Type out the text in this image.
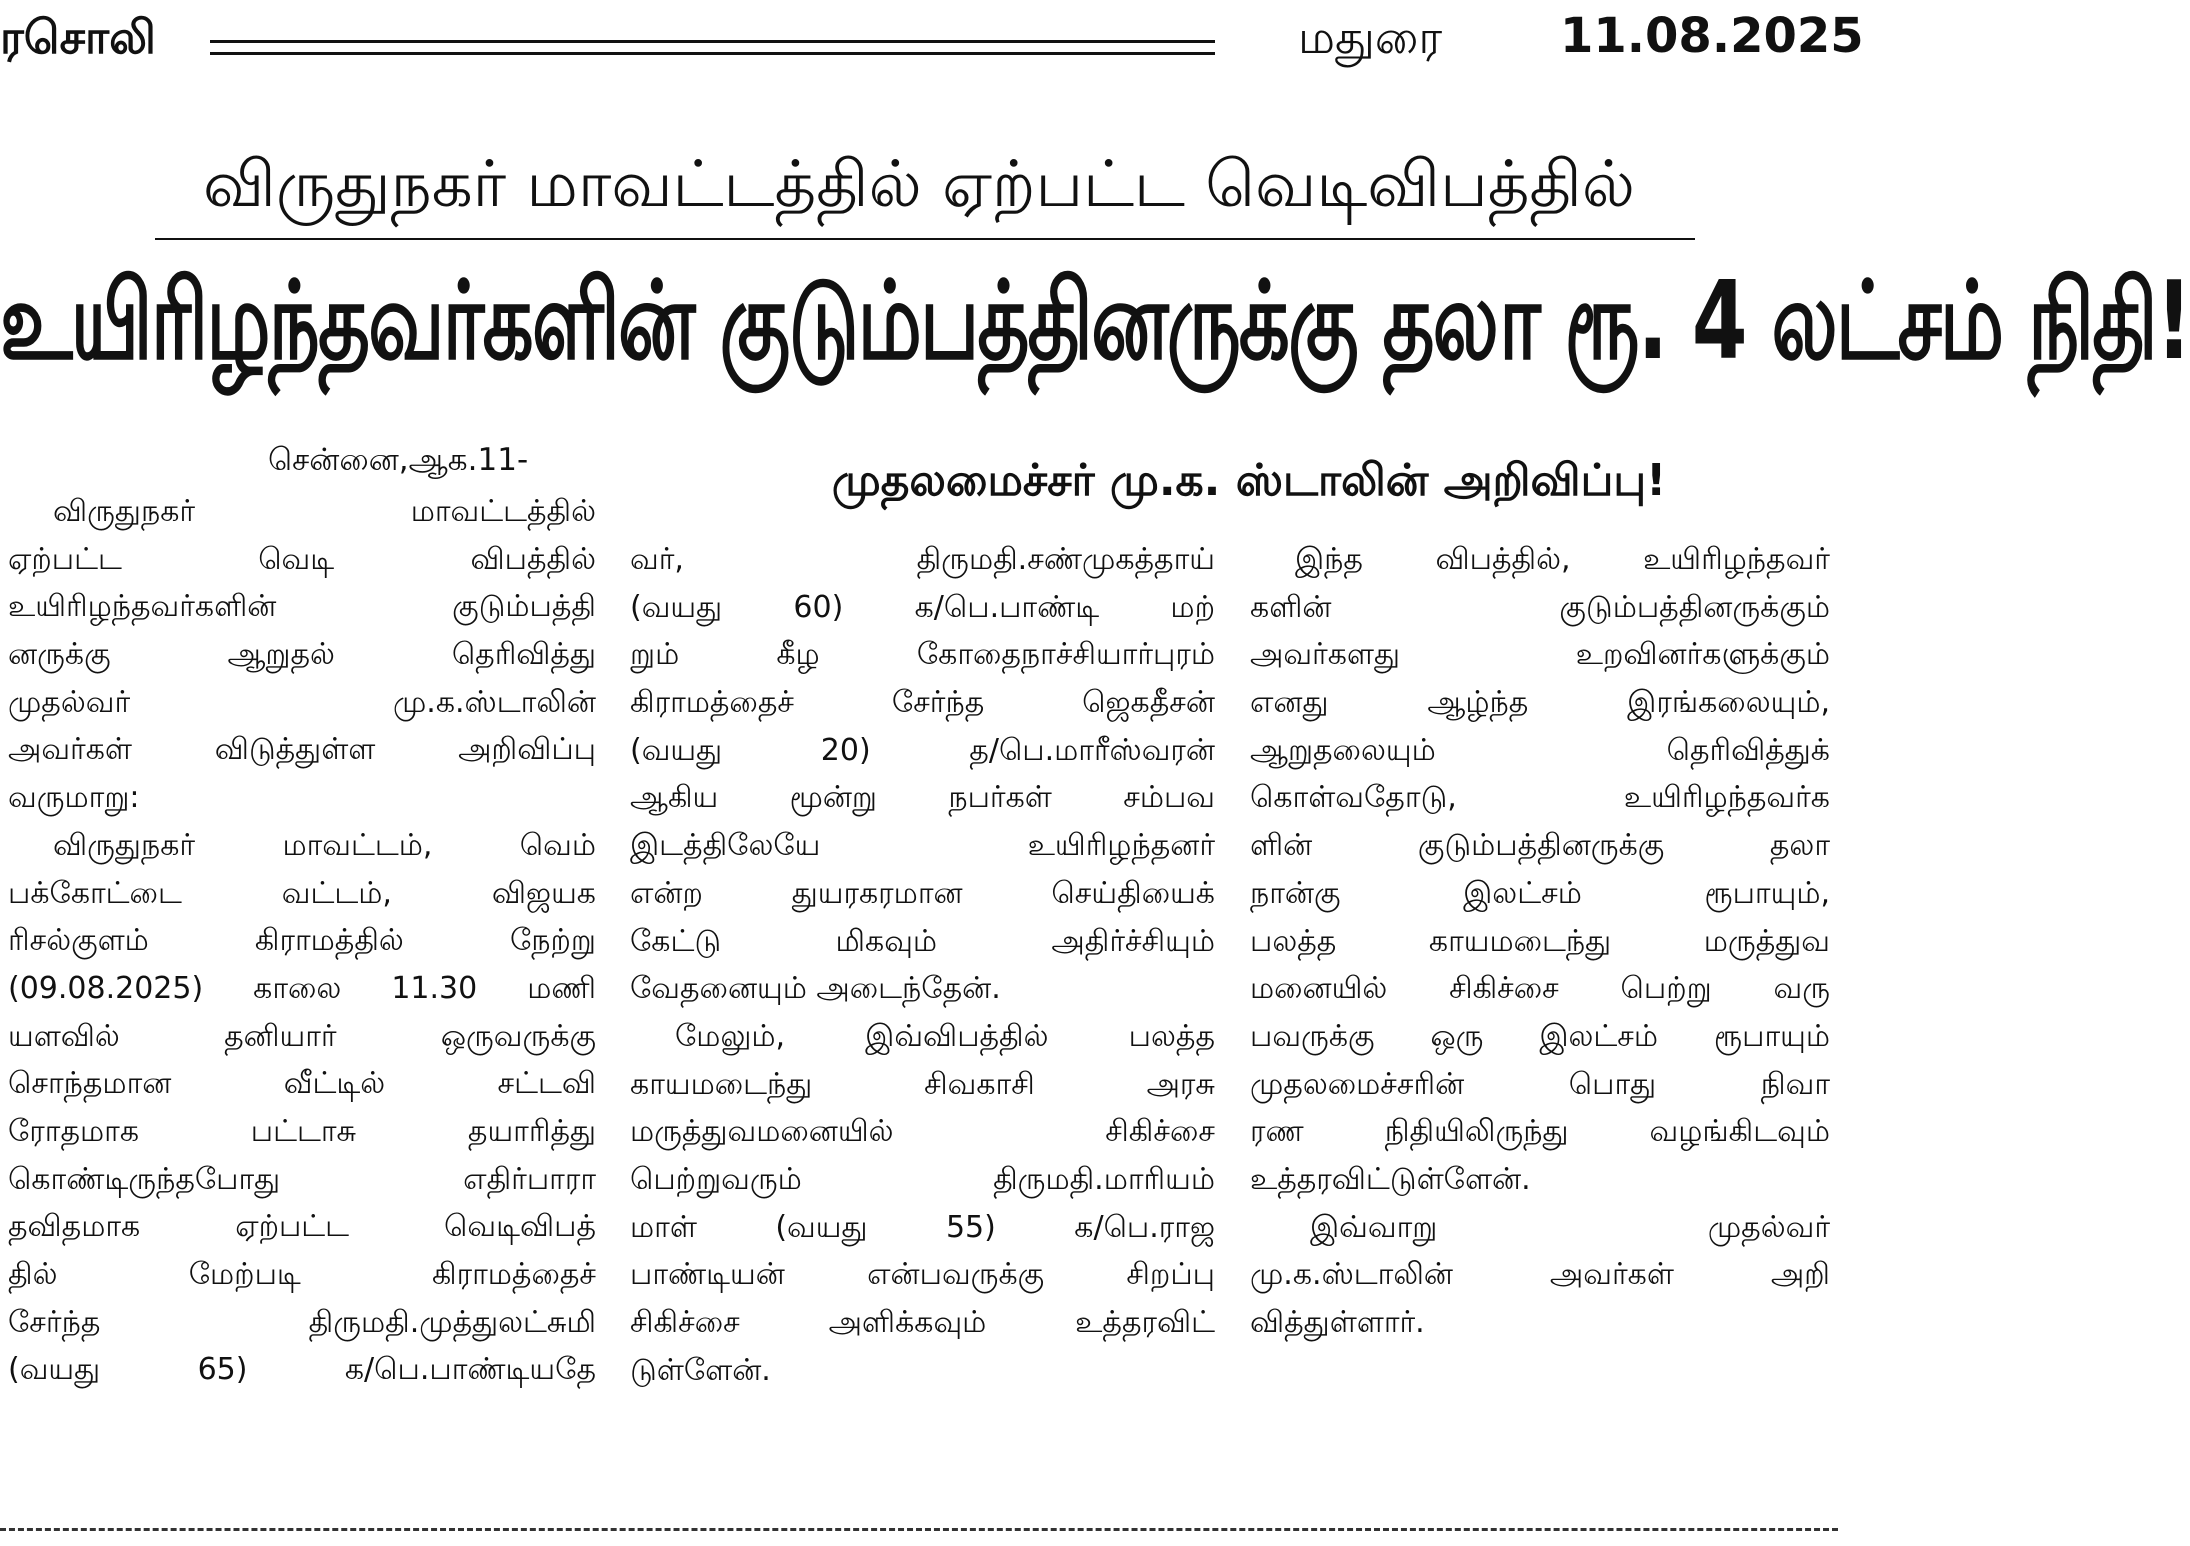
ரசொலி	மதுரை 11.08.2025
விருதுநகர் மாவட்டத்தில் ஏற்பட்ட வெடிவிபத்தில்
உயிரிழந்தவர்களின் குடும்பத்தினருக்கு தலா ரூ. 4 லட்சம் நிதி!
சென்னை,ஆக.11-	முதலமைச்சர் மு.க. ஸ்டாலின் அறிவிப்பு!
விருதுநகர் மாவட்டத்தில்
ஏற்பட்ட வெடி விபத்தில்
உயிரிழந்தவர்களின் குடும்பத்தி
னருக்கு ஆறுதல் தெரிவித்து
முதல்வர் மு.க.ஸ்டாலின்
அவர்கள் விடுத்துள்ள அறிவிப்பு
வருமாறு:
விருதுநகர் மாவட்டம், வெம்
பக்கோட்டை வட்டம், விஜயக
ரிசல்குளம் கிராமத்தில் நேற்று
(09.08.2025) காலை 11.30 மணி
யளவில் தனியார் ஒருவருக்கு
சொந்தமான வீட்டில் சட்டவி
ரோதமாக பட்டாசு தயாரித்து
கொண்டிருந்தபோது எதிர்பாரா
தவிதமாக ஏற்பட்ட வெடிவிபத்
தில் மேற்படி கிராமத்தைச்
சேர்ந்த திருமதி.முத்துலட்சுமி
(வயது 65) க/பெ.பாண்டியதே
வர், திருமதி.சண்முகத்தாய்
(வயது 60) க/பெ.பாண்டி மற்
றும் கீழ கோதைநாச்சியார்புரம்
கிராமத்தைச் சேர்ந்த ஜெகதீசன்
(வயது 20) த/பெ.மாரீஸ்வரன்
ஆகிய மூன்று நபர்கள் சம்பவ
இடத்திலேயே உயிரிழந்தனர்
என்ற துயரகரமான செய்தியைக்
கேட்டு மிகவும் அதிர்ச்சியும்
வேதனையும் அடைந்தேன்.
மேலும், இவ்விபத்தில் பலத்த
காயமடைந்து சிவகாசி அரசு
மருத்துவமனையில் சிகிச்சை
பெற்றுவரும் திருமதி.மாரியம்
மாள் (வயது 55) க/பெ.ராஜ
பாண்டியன் என்பவருக்கு சிறப்பு
சிகிச்சை அளிக்கவும் உத்தரவிட்
டுள்ளேன்.
இந்த விபத்தில், உயிரிழந்தவர்
களின் குடும்பத்தினருக்கும்
அவர்களது உறவினர்களுக்கும்
எனது ஆழ்ந்த இரங்கலையும்,
ஆறுதலையும் தெரிவித்துக்
கொள்வதோடு, உயிரிழந்தவர்க
ளின் குடும்பத்தினருக்கு தலா
நான்கு இலட்சம் ரூபாயும்,
பலத்த காயமடைந்து மருத்துவ
மனையில் சிகிச்சை பெற்று வரு
பவருக்கு ஒரு இலட்சம் ரூபாயும்
முதலமைச்சரின் பொது நிவா
ரண நிதியிலிருந்து வழங்கிடவும்
உத்தரவிட்டுள்ளேன்.
இவ்வாறு முதல்வர்
மு.க.ஸ்டாலின் அவர்கள் அறி
வித்துள்ளார்.
